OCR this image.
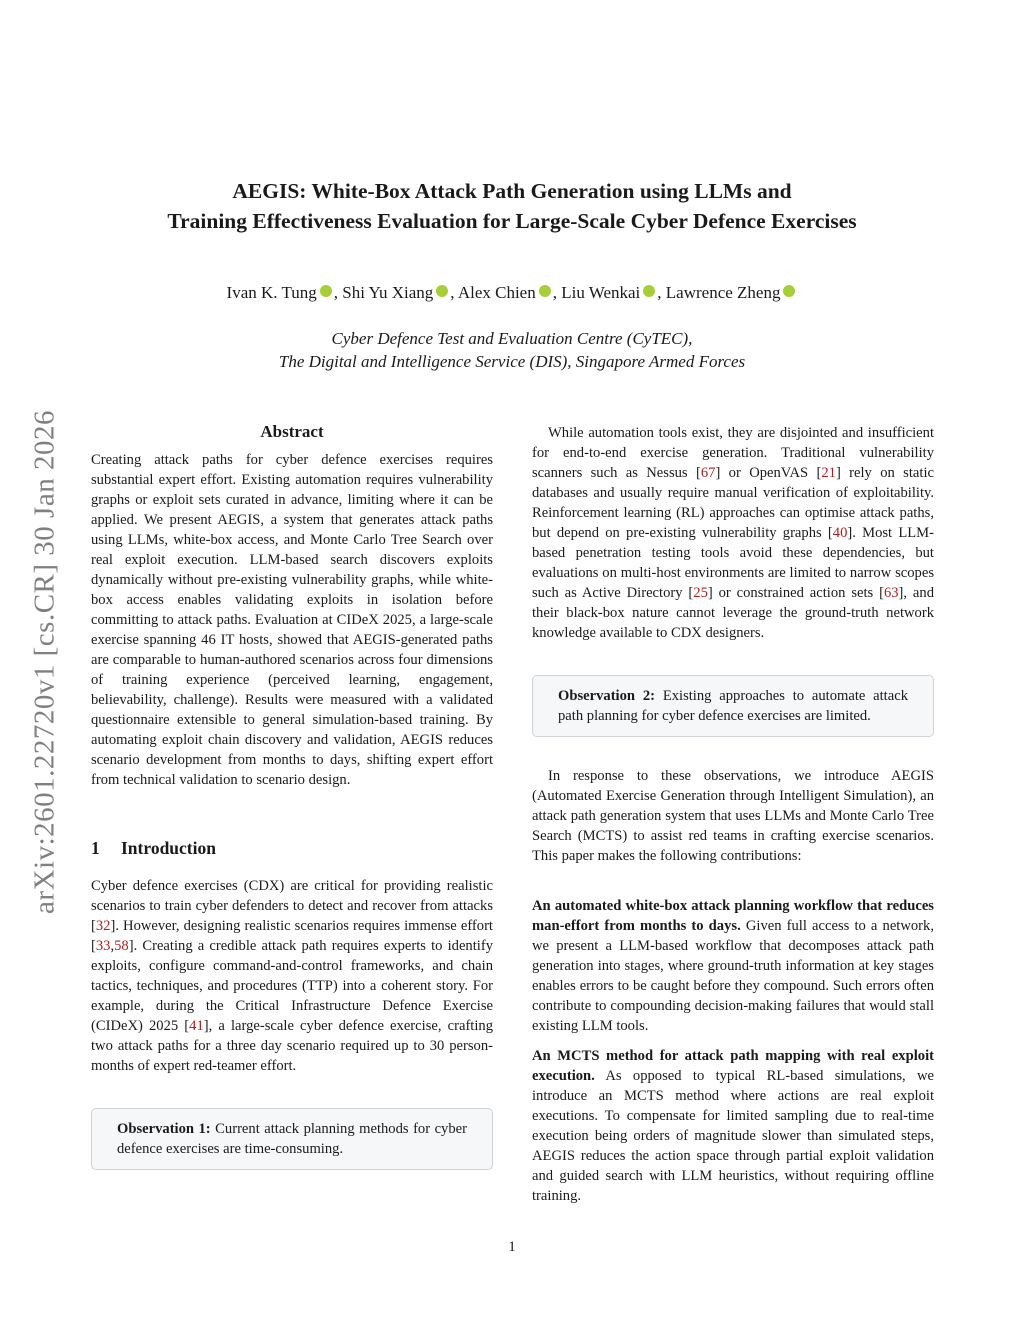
AEGIS: White-Box Attack Path Generation using LLMs and
Training Effectiveness Evaluation for Large-Scale Cyber Defence Exercises
Ivan K. Tung , Shi Yu Xiang , Alex Chien , Liu Wenkai , Lawrence Zheng
Cyber Defence Test and Evaluation Centre (CyTEC),
The Digital and Intelligence Service (DIS), Singapore Armed Forces
arXiv:2601.22720v1 [cs.CR] 30 Jan 2026	Abstract

Creating attack paths for cyber defence exercises requires substantial expert effort. Existing automation requires vulnerability graphs or exploit sets curated in advance, limiting where it can be applied. We present AEGIS, a system that generates attack paths using LLMs, white-box access, and Monte Carlo Tree Search over real exploit execution. LLM-based search discovers exploits dynamically without pre-existing vulnerability graphs, while white-box access enables validating exploits in isolation before committing to attack paths. Evaluation at CIDeX 2025, a large-scale exercise spanning 46 IT hosts, showed that AEGIS-generated paths are comparable to human-authored scenarios across four dimensions of training experience (perceived learning, engagement, believability, challenge). Results were measured with a validated questionnaire extensible to general simulation-based training. By automating exploit chain discovery and validation, AEGIS reduces scenario development from months to days, shifting expert effort from technical validation to scenario design.

1 Introduction

Cyber defence exercises (CDX) are critical for providing realistic scenarios to train cyber defenders to detect and recover from attacks [32]. However, designing realistic scenarios requires immense effort [33,58]. Creating a credible attack path requires experts to identify exploits, configure command-and-control frameworks, and chain tactics, techniques, and procedures (TTP) into a coherent story. For example, during the Critical Infrastructure Defence Exercise (CIDeX) 2025 [41], a large-scale cyber defence exercise, crafting two attack paths for a three day scenario required up to 30 person-months of expert red-teamer effort.

Observation 1: Current attack planning methods for cyber defence exercises are time-consuming.

While automation tools exist, they are disjointed and insufficient for end-to-end exercise generation. Traditional vulnerability scanners such as Nessus [67] or OpenVAS [21] rely on static databases and usually require manual verification of exploitability. Reinforcement learning (RL) approaches can optimise attack paths, but depend on pre-existing vulnerability graphs [40]. Most LLM-based penetration testing tools avoid these dependencies, but evaluations on multi-host environments are limited to narrow scopes such as Active Directory [25] or constrained action sets [63], and their black-box nature cannot leverage the ground-truth network knowledge available to CDX designers.

Observation 2: Existing approaches to automate attack path planning for cyber defence exercises are limited.

In response to these observations, we introduce AEGIS (Automated Exercise Generation through Intelligent Simulation), an attack path generation system that uses LLMs and Monte Carlo Tree Search (MCTS) to assist red teams in crafting exercise scenarios. This paper makes the following contributions:

An automated white-box attack planning workflow that reduces man-effort from months to days. Given full access to a network, we present a LLM-based workflow that decomposes attack path generation into stages, where ground-truth information at key stages enables errors to be caught before they compound. Such errors often contribute to compounding decision-making failures that would stall existing LLM tools.

An MCTS method for attack path mapping with real exploit execution. As opposed to typical RL-based simulations, we introduce an MCTS method where actions are real exploit executions. To compensate for limited sampling due to real-time execution being orders of magnitude slower than simulated steps, AEGIS reduces the action space through partial exploit validation and guided search with LLM heuristics, without requiring offline training.

1
